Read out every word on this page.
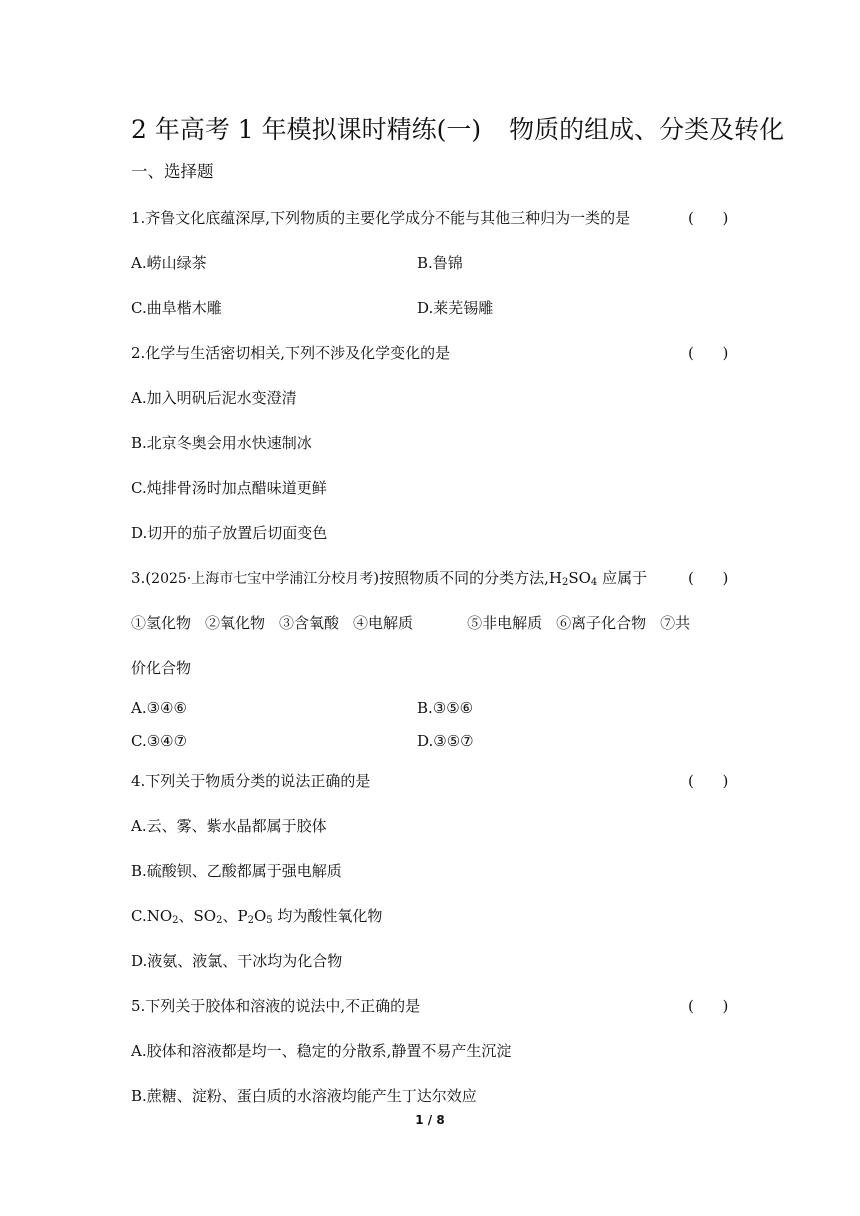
2 年高考 1 年模拟课时精练(一) 物质的组成、分类及转化
一、选择题
1.齐鲁文化底蕴深厚,下列物质的主要化学成分不能与其他三种归为一类的是	(      )
A.崂山绿茶	B.鲁锦
C.曲阜楷木雕	D.莱芜锡雕
2.化学与生活密切相关,下列不涉及化学变化的是	(      )
A.加入明矾后泥水变澄清
B.北京冬奥会用水快速制冰
C.炖排骨汤时加点醋味道更鲜
D.切开的茄子放置后切面变色
3.(2025·上海市七宝中学浦江分校月考)按照物质不同的分类方法$,H_2SO_4$ 应属于	(      )
①氢化物 ②氧化物 ③含氧酸 ④电解质	⑤非电解质 ⑥离子化合物 ⑦共
价化合物
A.③④⑥	B.③⑤⑥
C.③④⑦	D.③⑤⑦
4.下列关于物质分类的说法正确的是	(      )
A.云、雾、紫水晶都属于胶体
B.硫酸钡、乙酸都属于强电解质
$C.NO_2$、$SO_2$、$P_2O_5$ 均为酸性氧化物
D.液氨、液氯、干冰均为化合物
5.下列关于胶体和溶液的说法中,不正确的是	(      )
A.胶体和溶液都是均一、稳定的分散系,静置不易产生沉淀
B.蔗糖、淀粉、蛋白质的水溶液均能产生丁达尔效应
1 / 8
